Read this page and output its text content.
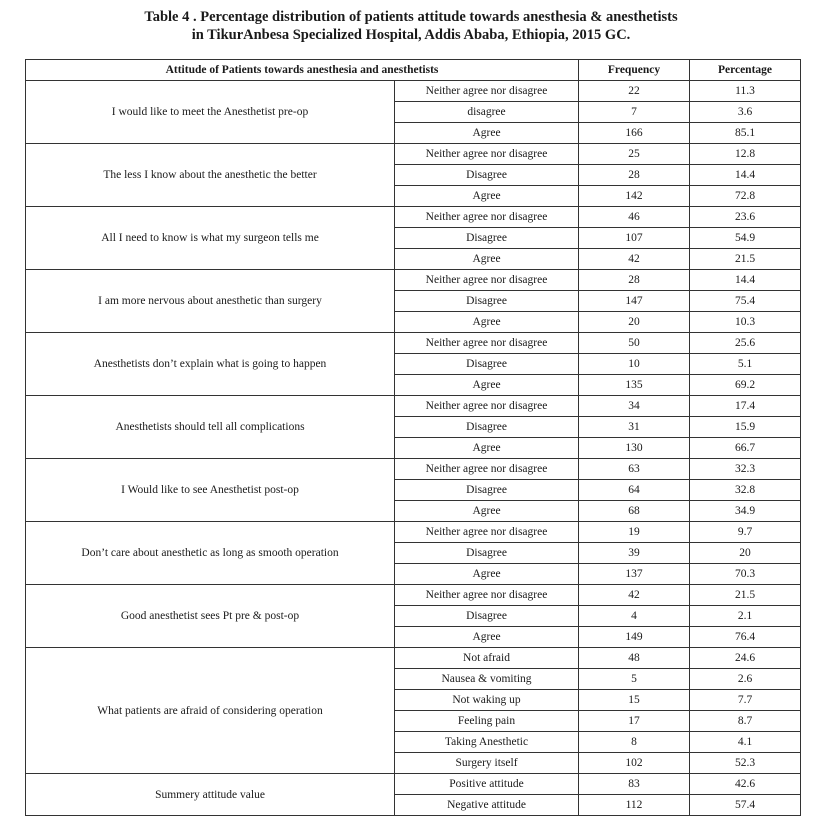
Table 4 . Percentage distribution of patients attitude towards anesthesia & anesthetists
in TikurAnbesa Specialized Hospital, Addis Ababa, Ethiopia, 2015 GC.
Attitude of Patients towards anesthesia and anesthetists		Frequency	Percentage
I would like to meet the Anesthetist pre-op	Neither agree nor disagree	22	11.3
	disagree	7	3.6
	Agree	166	85.1
The less I know about the anesthetic the better	Neither agree nor disagree	25	12.8
	Disagree	28	14.4
	Agree	142	72.8
All I need to know is what my surgeon tells me	Neither agree nor disagree	46	23.6
	Disagree	107	54.9
	Agree	42	21.5
I am more nervous about anesthetic than surgery	Neither agree nor disagree	28	14.4
	Disagree	147	75.4
	Agree	20	10.3
Anesthetists don’t explain what is going to happen	Neither agree nor disagree	50	25.6
	Disagree	10	5.1
	Agree	135	69.2
Anesthetists should tell all complications	Neither agree nor disagree	34	17.4
	Disagree	31	15.9
	Agree	130	66.7
I Would like to see Anesthetist post-op	Neither agree nor disagree	63	32.3
	Disagree	64	32.8
	Agree	68	34.9
Don’t care about anesthetic as long as smooth operation	Neither agree nor disagree	19	9.7
	Disagree	39	20
	Agree	137	70.3
Good anesthetist sees Pt pre & post-op	Neither agree nor disagree	42	21.5
	Disagree	4	2.1
	Agree	149	76.4
What patients are afraid of considering operation	Not afraid	48	24.6
	Nausea & vomiting	5	2.6
	Not waking up	15	7.7
	Feeling pain	17	8.7
	Taking Anesthetic	8	4.1
	Surgery itself	102	52.3
Summery attitude value	Positive attitude	83	42.6
	Negative attitude	112	57.4
